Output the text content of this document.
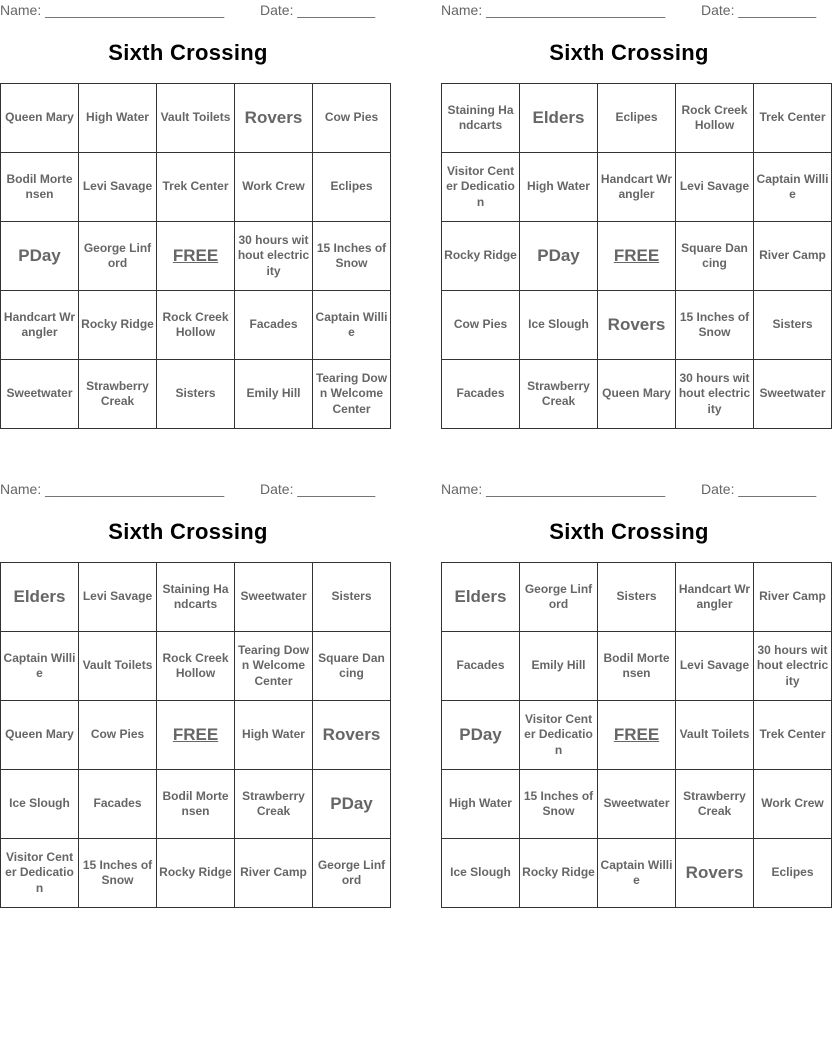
Name: _______________________	Date: __________
Sixth Crossing
Queen Mary	High Water	Vault Toilets	Rovers	Cow Pies
Bodil Mortensen	Levi Savage	Trek Center	Work Crew	Eclipes
PDay	George Linford	FREE	30 hours without electricity	15 Inches of Snow
Handcart Wrangler	Rocky Ridge	Rock Creek Hollow	Facades	Captain Willie
Sweetwater	Strawberry Creak	Sisters	Emily Hill	Tearing Down Welcome Center
Name: _______________________	Date: __________
Sixth Crossing
Staining Handcarts	Elders	Eclipes	Rock Creek Hollow	Trek Center
Visitor Center Dedication	High Water	Handcart Wrangler	Levi Savage	Captain Willie
Rocky Ridge	PDay	FREE	Square Dancing	River Camp
Cow Pies	Ice Slough	Rovers	15 Inches of Snow	Sisters
Facades	Strawberry Creak	Queen Mary	30 hours without electricity	Sweetwater
Name: _______________________	Date: __________
Sixth Crossing
Elders	Levi Savage	Staining Handcarts	Sweetwater	Sisters
Captain Willie	Vault Toilets	Rock Creek Hollow	Tearing Down Welcome Center	Square Dancing
Queen Mary	Cow Pies	FREE	High Water	Rovers
Ice Slough	Facades	Bodil Mortensen	Strawberry Creak	PDay
Visitor Center Dedication	15 Inches of Snow	Rocky Ridge	River Camp	George Linford
Name: _______________________	Date: __________
Sixth Crossing
Elders	George Linford	Sisters	Handcart Wrangler	River Camp
Facades	Emily Hill	Bodil Mortensen	Levi Savage	30 hours without electricity
PDay	Visitor Center Dedication	FREE	Vault Toilets	Trek Center
High Water	15 Inches of Snow	Sweetwater	Strawberry Creak	Work Crew
Ice Slough	Rocky Ridge	Captain Willie	Rovers	Eclipes
